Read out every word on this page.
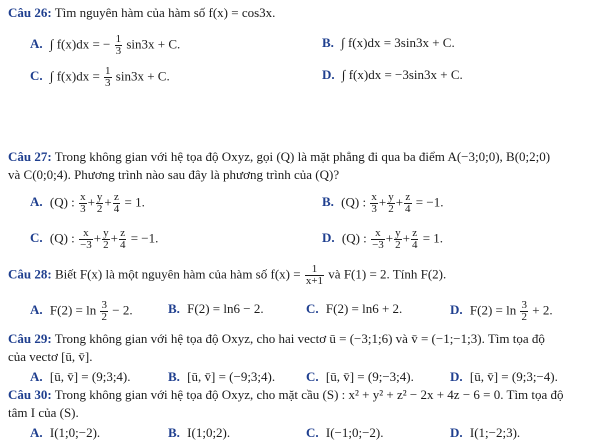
Câu 26: Tìm nguyên hàm của hàm số f(x) = cos3x.
A. ∫ f(x)dx = − $\frac{1}{3} \sin 3x + C$.	B. ∫ f(x)dx = 3sin3x + C.
C. ∫ $f(x)dx = \frac{1}{3} \sin 3x + C$.	D. ∫ f(x)dx = −3sin3x + C.
Câu 27: Trong không gian với hệ tọa độ Oxyz, gọi (Q) là mặt phẳng đi qua ba điểm A(−3;0;0), B(0;2;0)
và C(0;0;4). Phương trình nào sau đây là phương trình của (Q)?
A. (Q) : $\frac{x}{3} + \frac{y}{2} + \frac{z}{4} = 1$.	B. (Q) : $\frac{x}{3} + \frac{y}{2} + \frac{z}{4} = -1$.
C. (Q) : $\frac{x}{-3} + \frac{y}{2} + \frac{z}{4} = -1$.	D. (Q) : $\frac{x}{-3} + \frac{y}{2} + \frac{z}{4} = 1$.
Câu 28: Biết F(x) là một nguyên hàm của hàm số $f(x) = \frac{1}{x+1}$ và F(1) = 2. Tính F(2).
A. $F(2) = \ln \frac{3}{2} - 2$.	B. F(2) = ln6 − 2.	C. F(2) = ln6 + 2.	D. $F(2) = \ln \frac{3}{2} + 2$.
Câu 29: Trong không gian với hệ tọa độ Oxyz, cho hai vectơ ū = (−3;1;6) và v̄ = (−1;−1;3). Tìm tọa độ
của vectơ [ū, v̄].
A. [ū, v̄] = (9;3;4).	B. [ū, v̄] = (−9;3;4). C. [ū, v̄] = (9;−3;4).	D. [ū, v̄] = (9;3;−4).
Câu 30: Trong không gian với hệ tọa độ Oxyz, cho mặt cầu (S) : x² + y² + z² − 2x + 4z − 6 = 0. Tìm tọa độ
tâm I của (S).
A. I(1;0;−2).	B. I(1;0;2).	C. I(−1;0;−2).	D. I(1;−2;3).
